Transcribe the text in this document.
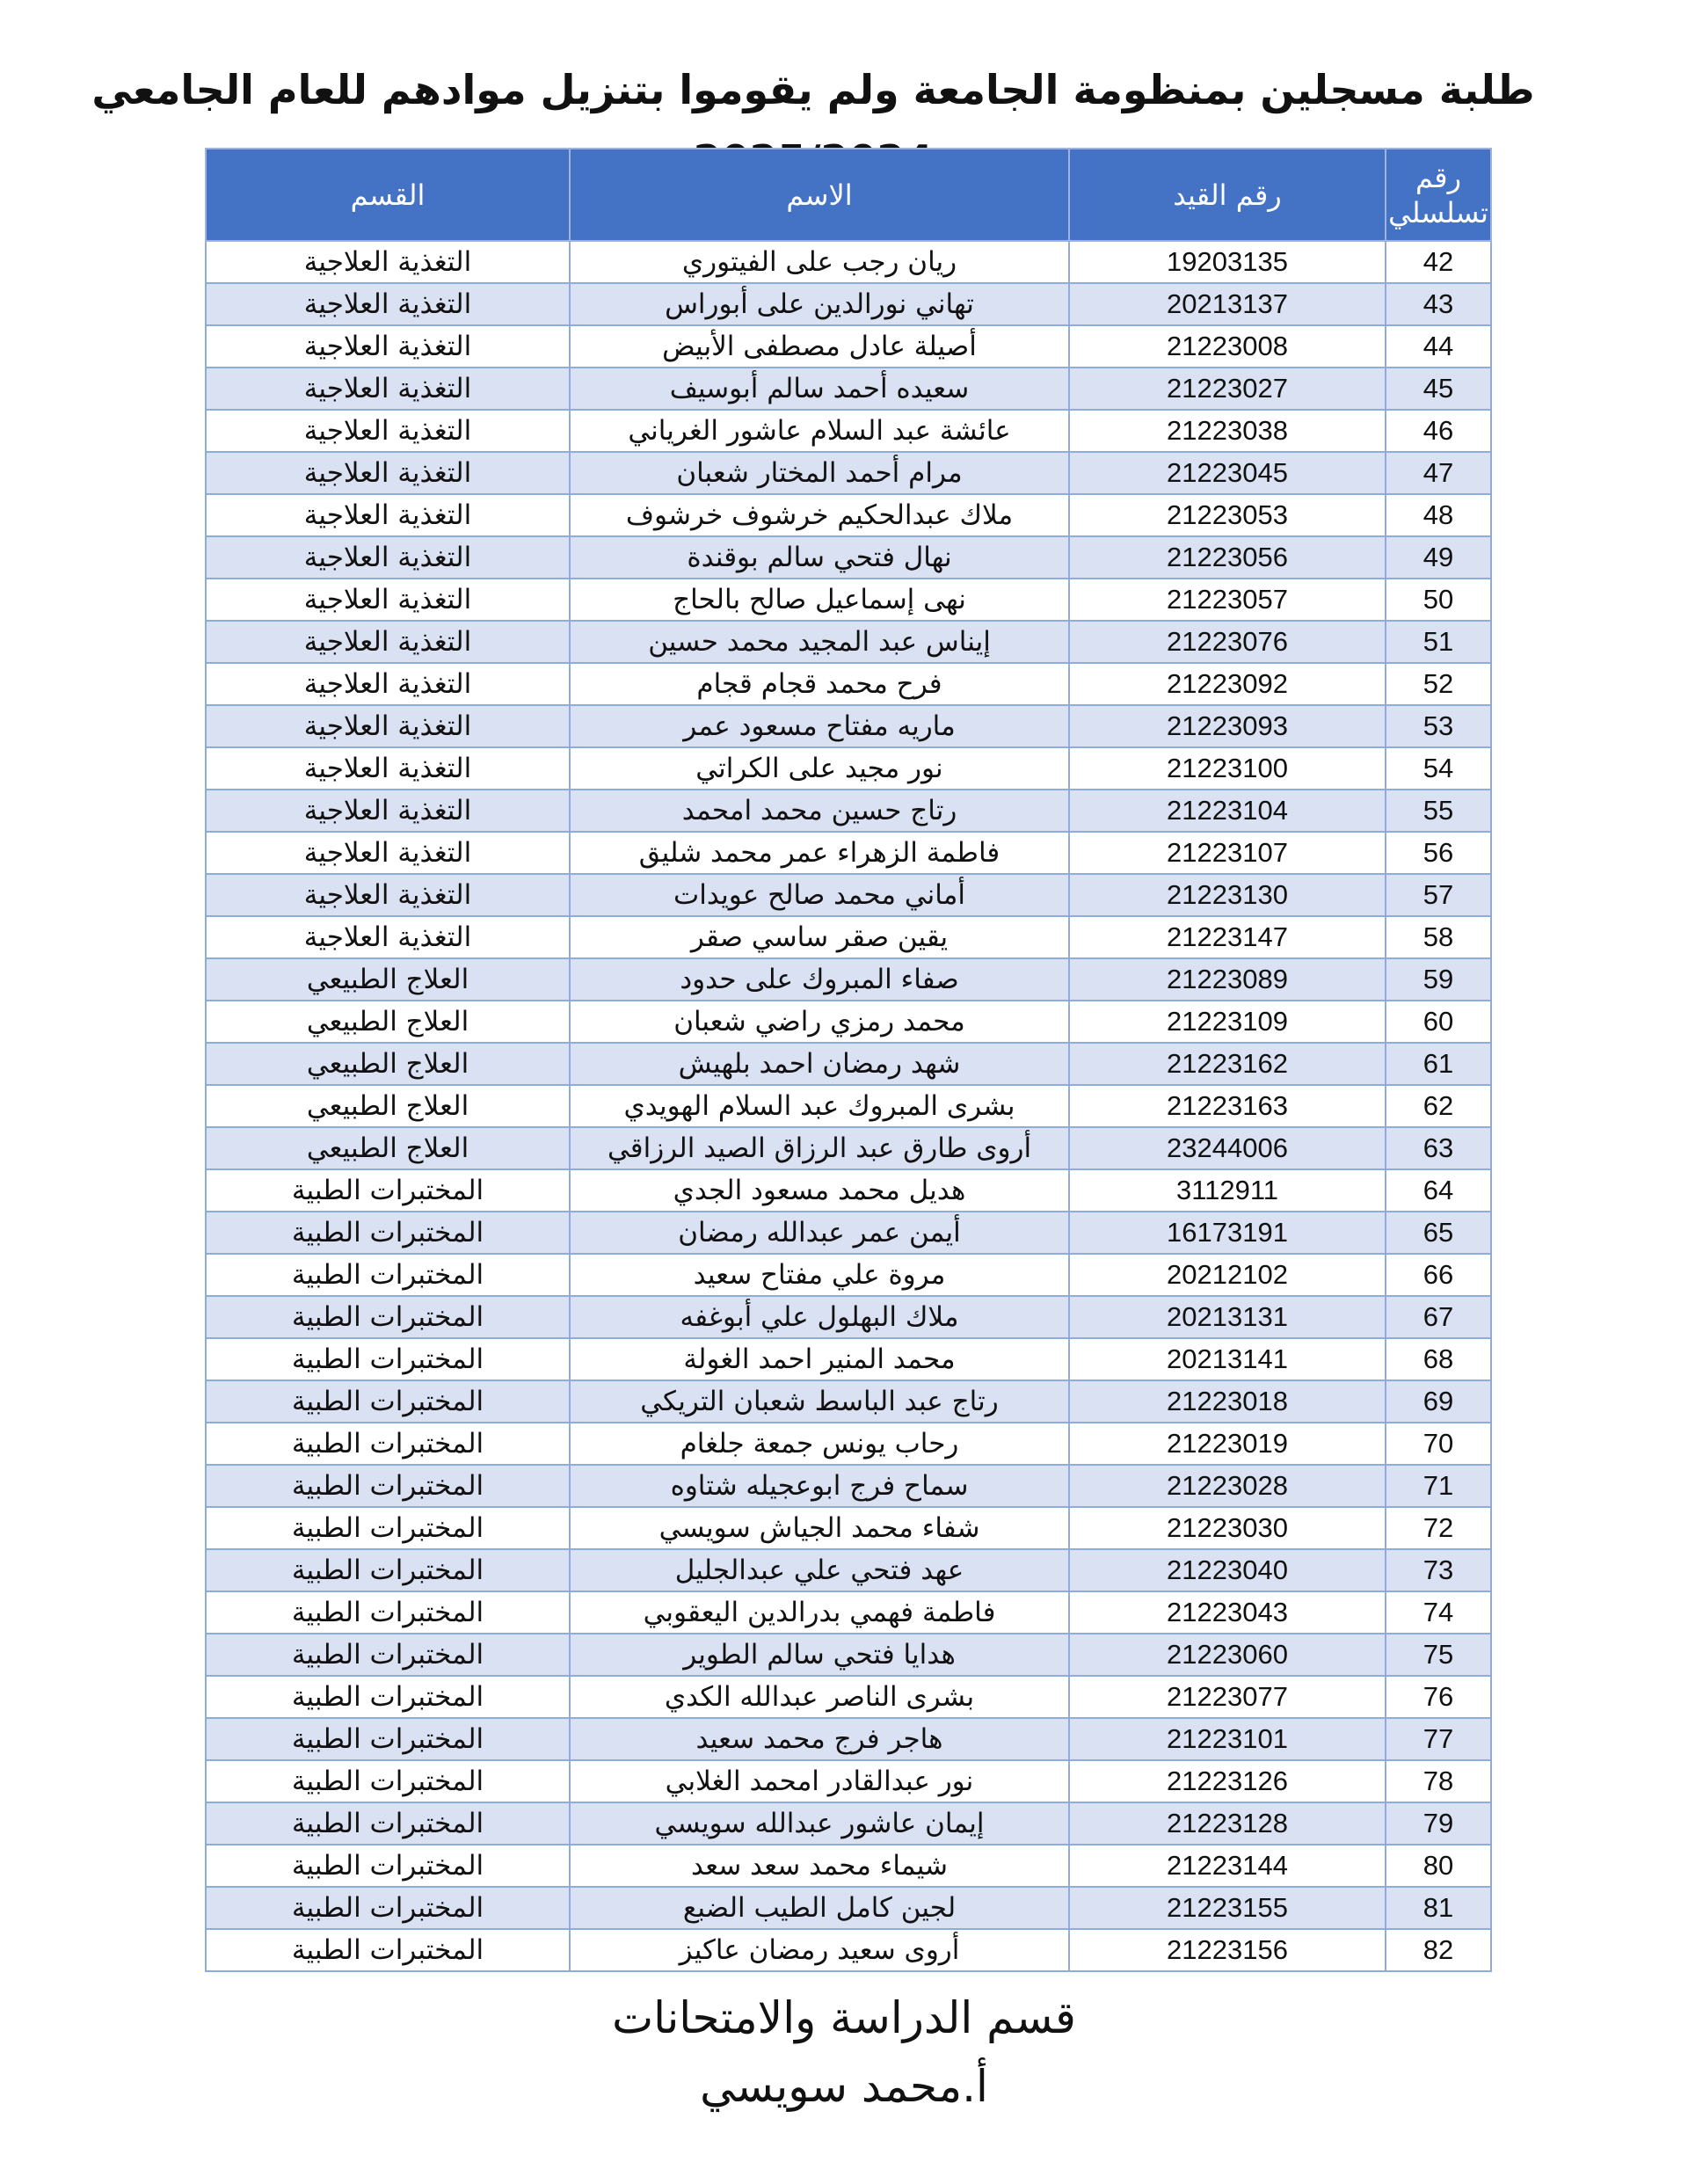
طلبة مسجلين بمنظومة الجامعة ولم يقوموا بتنزيل موادهم للعام الجامعي
رقم تسلسلي	رقم القيد	الاسم	القسم
42	19203135	ريان رجب على الفيتوري	التغذية العلاجية
43	20213137	تهاني نورالدين على أبوراس	التغذية العلاجية
44	21223008	أصيلة عادل مصطفى الأبيض	التغذية العلاجية
45	21223027	سعيده أحمد سالم أبوسيف	التغذية العلاجية
46	21223038	عائشة عبد السلام عاشور الغرياني	التغذية العلاجية
47	21223045	مرام أحمد المختار شعبان	التغذية العلاجية
48	21223053	ملاك عبدالحكيم خرشوف خرشوف	التغذية العلاجية
49	21223056	نهال فتحي سالم بوقندة	التغذية العلاجية
50	21223057	نهى إسماعيل صالح بالحاج	التغذية العلاجية
51	21223076	إيناس عبد المجيد محمد حسين	التغذية العلاجية
52	21223092	فرح محمد قجام قجام	التغذية العلاجية
53	21223093	ماريه مفتاح مسعود عمر	التغذية العلاجية
54	21223100	نور مجيد على الكراتي	التغذية العلاجية
55	21223104	رتاج حسين محمد امحمد	التغذية العلاجية
56	21223107	فاطمة الزهراء عمر محمد شليق	التغذية العلاجية
57	21223130	أماني محمد صالح عويدات	التغذية العلاجية
58	21223147	يقين صقر ساسي صقر	التغذية العلاجية
59	21223089	صفاء المبروك على حدود	العلاج الطبيعي
60	21223109	محمد رمزي راضي شعبان	العلاج الطبيعي
61	21223162	شهد رمضان احمد بلهيش	العلاج الطبيعي
62	21223163	بشرى المبروك عبد السلام الهويدي	العلاج الطبيعي
63	23244006	أروى طارق عبد الرزاق الصيد الرزاقي	العلاج الطبيعي
64	3112911	هديل محمد مسعود الجدي	المختبرات الطبية
65	16173191	أيمن عمر عبدالله رمضان	المختبرات الطبية
66	20212102	مروة علي مفتاح سعيد	المختبرات الطبية
67	20213131	ملاك البهلول علي أبوغفه	المختبرات الطبية
68	20213141	محمد المنير احمد الغولة	المختبرات الطبية
69	21223018	رتاج عبد الباسط شعبان التريكي	المختبرات الطبية
70	21223019	رحاب يونس جمعة جلغام	المختبرات الطبية
71	21223028	سماح فرج ابوعجيله شتاوه	المختبرات الطبية
72	21223030	شفاء محمد الجياش سويسي	المختبرات الطبية
73	21223040	عهد فتحي علي عبدالجليل	المختبرات الطبية
74	21223043	فاطمة فهمي بدرالدين اليعقوبي	المختبرات الطبية
75	21223060	هدايا فتحي سالم الطوير	المختبرات الطبية
76	21223077	بشرى الناصر عبدالله الكدي	المختبرات الطبية
77	21223101	هاجر فرج محمد سعيد	المختبرات الطبية
78	21223126	نور عبدالقادر امحمد الغلابي	المختبرات الطبية
79	21223128	إيمان عاشور عبدالله سويسي	المختبرات الطبية
80	21223144	شيماء محمد سعد سعد	المختبرات الطبية
81	21223155	لجين كامل الطيب الضبع	المختبرات الطبية
82	21223156	أروى سعيد رمضان عاكيز	المختبرات الطبية
قسم الدراسة والامتحانات
أ.محمد سويسي
